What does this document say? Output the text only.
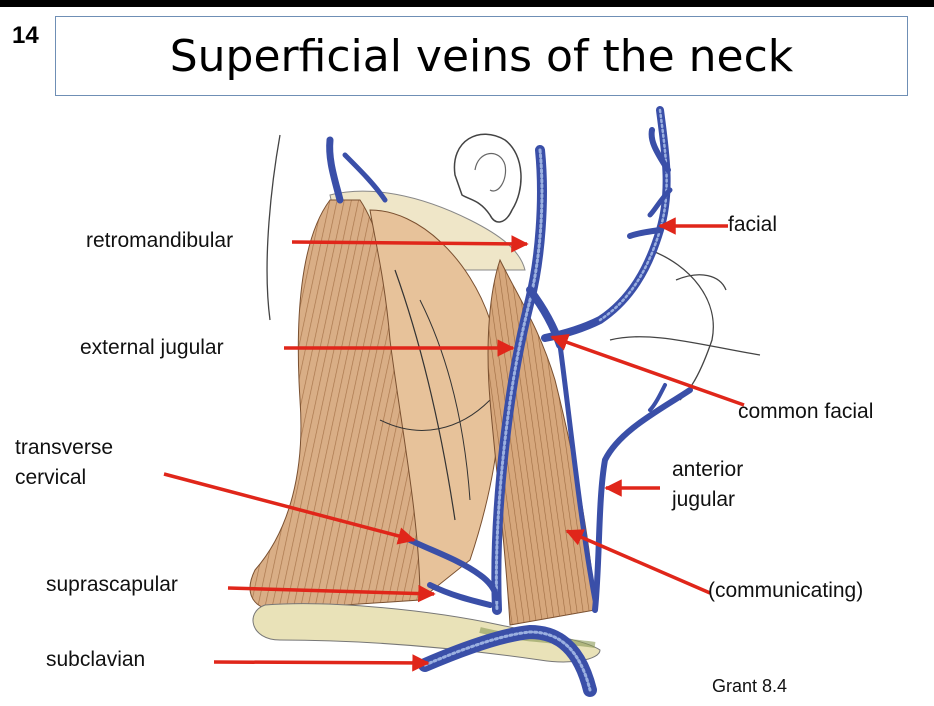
14	Superficial veins of the neck
retromandibular
external jugular
transverse
cervical
suprascapular
subclavian
facial
common facial
anterior
jugular
(communicating)
Grant 8.4
